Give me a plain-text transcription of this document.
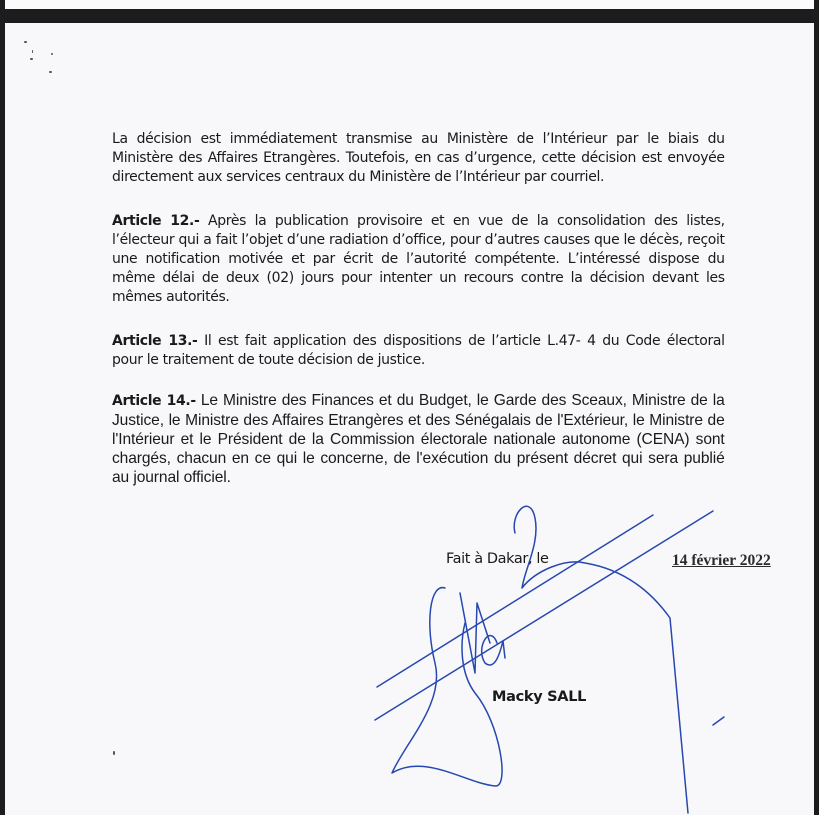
La décision est immédiatement transmise au Ministère de l’Intérieur par le biais du Ministère des Affaires Etrangères. Toutefois, en cas d’urgence, cette décision est envoyée directement aux services centraux du Ministère de l’Intérieur par courriel.

Article 12.- Après la publication provisoire et en vue de la consolidation des listes, l’électeur qui a fait l’objet d’une radiation d’office, pour d’autres causes que le décès, reçoit une notification motivée et par écrit de l’autorité compétente. L’intéressé dispose du même délai de deux (02) jours pour intenter un recours contre la décision devant les mêmes autorités.

Article 13.- Il est fait application des dispositions de l’article L.47- 4 du Code électoral pour le traitement de toute décision de justice.

Article 14.- Le Ministre des Finances et du Budget, le Garde des Sceaux, Ministre de la Justice, le Ministre des Affaires Etrangères et des Sénégalais de l'Extérieur, le Ministre de l'Intérieur et le Président de la Commission électorale nationale autonome (CENA) sont chargés, chacun en ce qui le concerne, de l'exécution du présent décret qui sera publié au journal officiel.

Fait à Dakar, le	14 février 2022
Macky SALL
